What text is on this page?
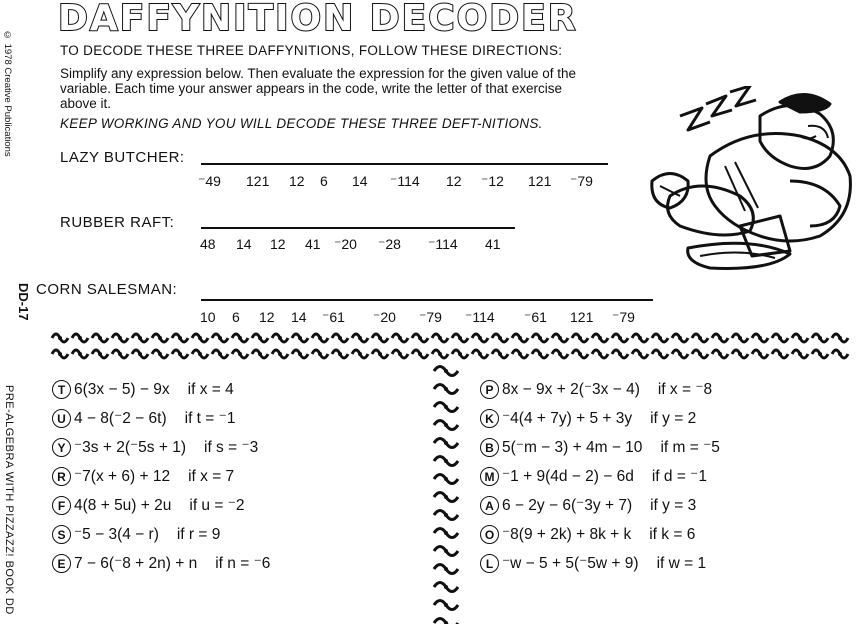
DAFFYNITION DECODER
© 1978 Creative Publications
DD-17
PRE-ALGEBRA WITH PIZZAZZ! BOOK DD
TO DECODE THESE THREE DAFFYNITIONS, FOLLOW THESE DIRECTIONS:
Simplify any expression below. Then evaluate the expression for the given value of the
variable. Each time your answer appears in the code, write the letter of that exercise
above it.
KEEP WORKING AND YOU WILL DECODE THESE THREE DEFT-NITIONS.
LAZY BUTCHER:
⁻49 121 12 6 14 ⁻114 12 ⁻12 121 ⁻79
RUBBER RAFT:
48 14 12 41 ⁻20 ⁻28 ⁻114 41
CORN SALESMAN:
10 6 12 14 ⁻61 ⁻20 ⁻79 ⁻114 ⁻61 121 ⁻79
T 6(3x − 5) − 9x if x = 4
U 4 − 8(⁻2 − 6t) if t = ⁻1
Y ⁻3s + 2(⁻5s + 1) if s = ⁻3
R ⁻7(x + 6) + 12 if x = 7
F 4(8 + 5u) + 2u if u = ⁻2
S ⁻5 − 3(4 − r) if r = 9
E 7 − 6(⁻8 + 2n) + n if n = ⁻6
P 8x − 9x + 2(⁻3x − 4) if x = ⁻8
K ⁻4(4 + 7y) + 5 + 3y if y = 2
B 5(⁻m − 3) + 4m − 10 if m = ⁻5
M ⁻1 + 9(4d − 2) − 6d if d = ⁻1
A 6 − 2y − 6(⁻3y + 7) if y = 3
O ⁻8(9 + 2k) + 8k + k if k = 6
L ⁻w − 5 + 5(⁻5w + 9) if w = 1
